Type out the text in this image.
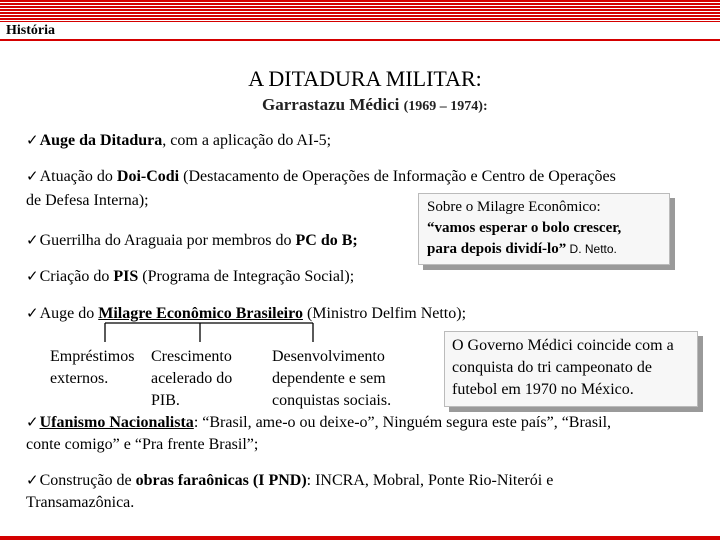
História
A DITADURA MILITAR:
Garrastazu Médici (1969 – 1974):
✓Auge da Ditadura, com a aplicação do AI-5;
✓Atuação do Doi-Codi (Destacamento de Operações de Informação e Centro de Operações
de Defesa Interna);
✓Guerrilha do Araguaia por membros do PC do B;
Sobre o Milagre Econômico:
“vamos esperar o bolo crescer,
para depois dividí-lo” D. Netto.
✓Criação do PIS (Programa de Integração Social);
✓Auge do Milagre Econômico Brasileiro (Ministro Delfim Netto);
Empréstimos
externos.
Crescimento
acelerado do
PIB.
Desenvolvimento
dependente e sem
conquistas sociais.
O Governo Médici coincide com a conquista do tri campeonato de futebol em 1970 no México.
✓Ufanismo Nacionalista: “Brasil, ame-o ou deixe-o”, Ninguém segura este país”, “Brasil,
conte comigo” e “Pra frente Brasil”;
✓Construção de obras faraônicas (I PND): INCRA, Mobral, Ponte Rio-Niterói e
Transamazônica.
